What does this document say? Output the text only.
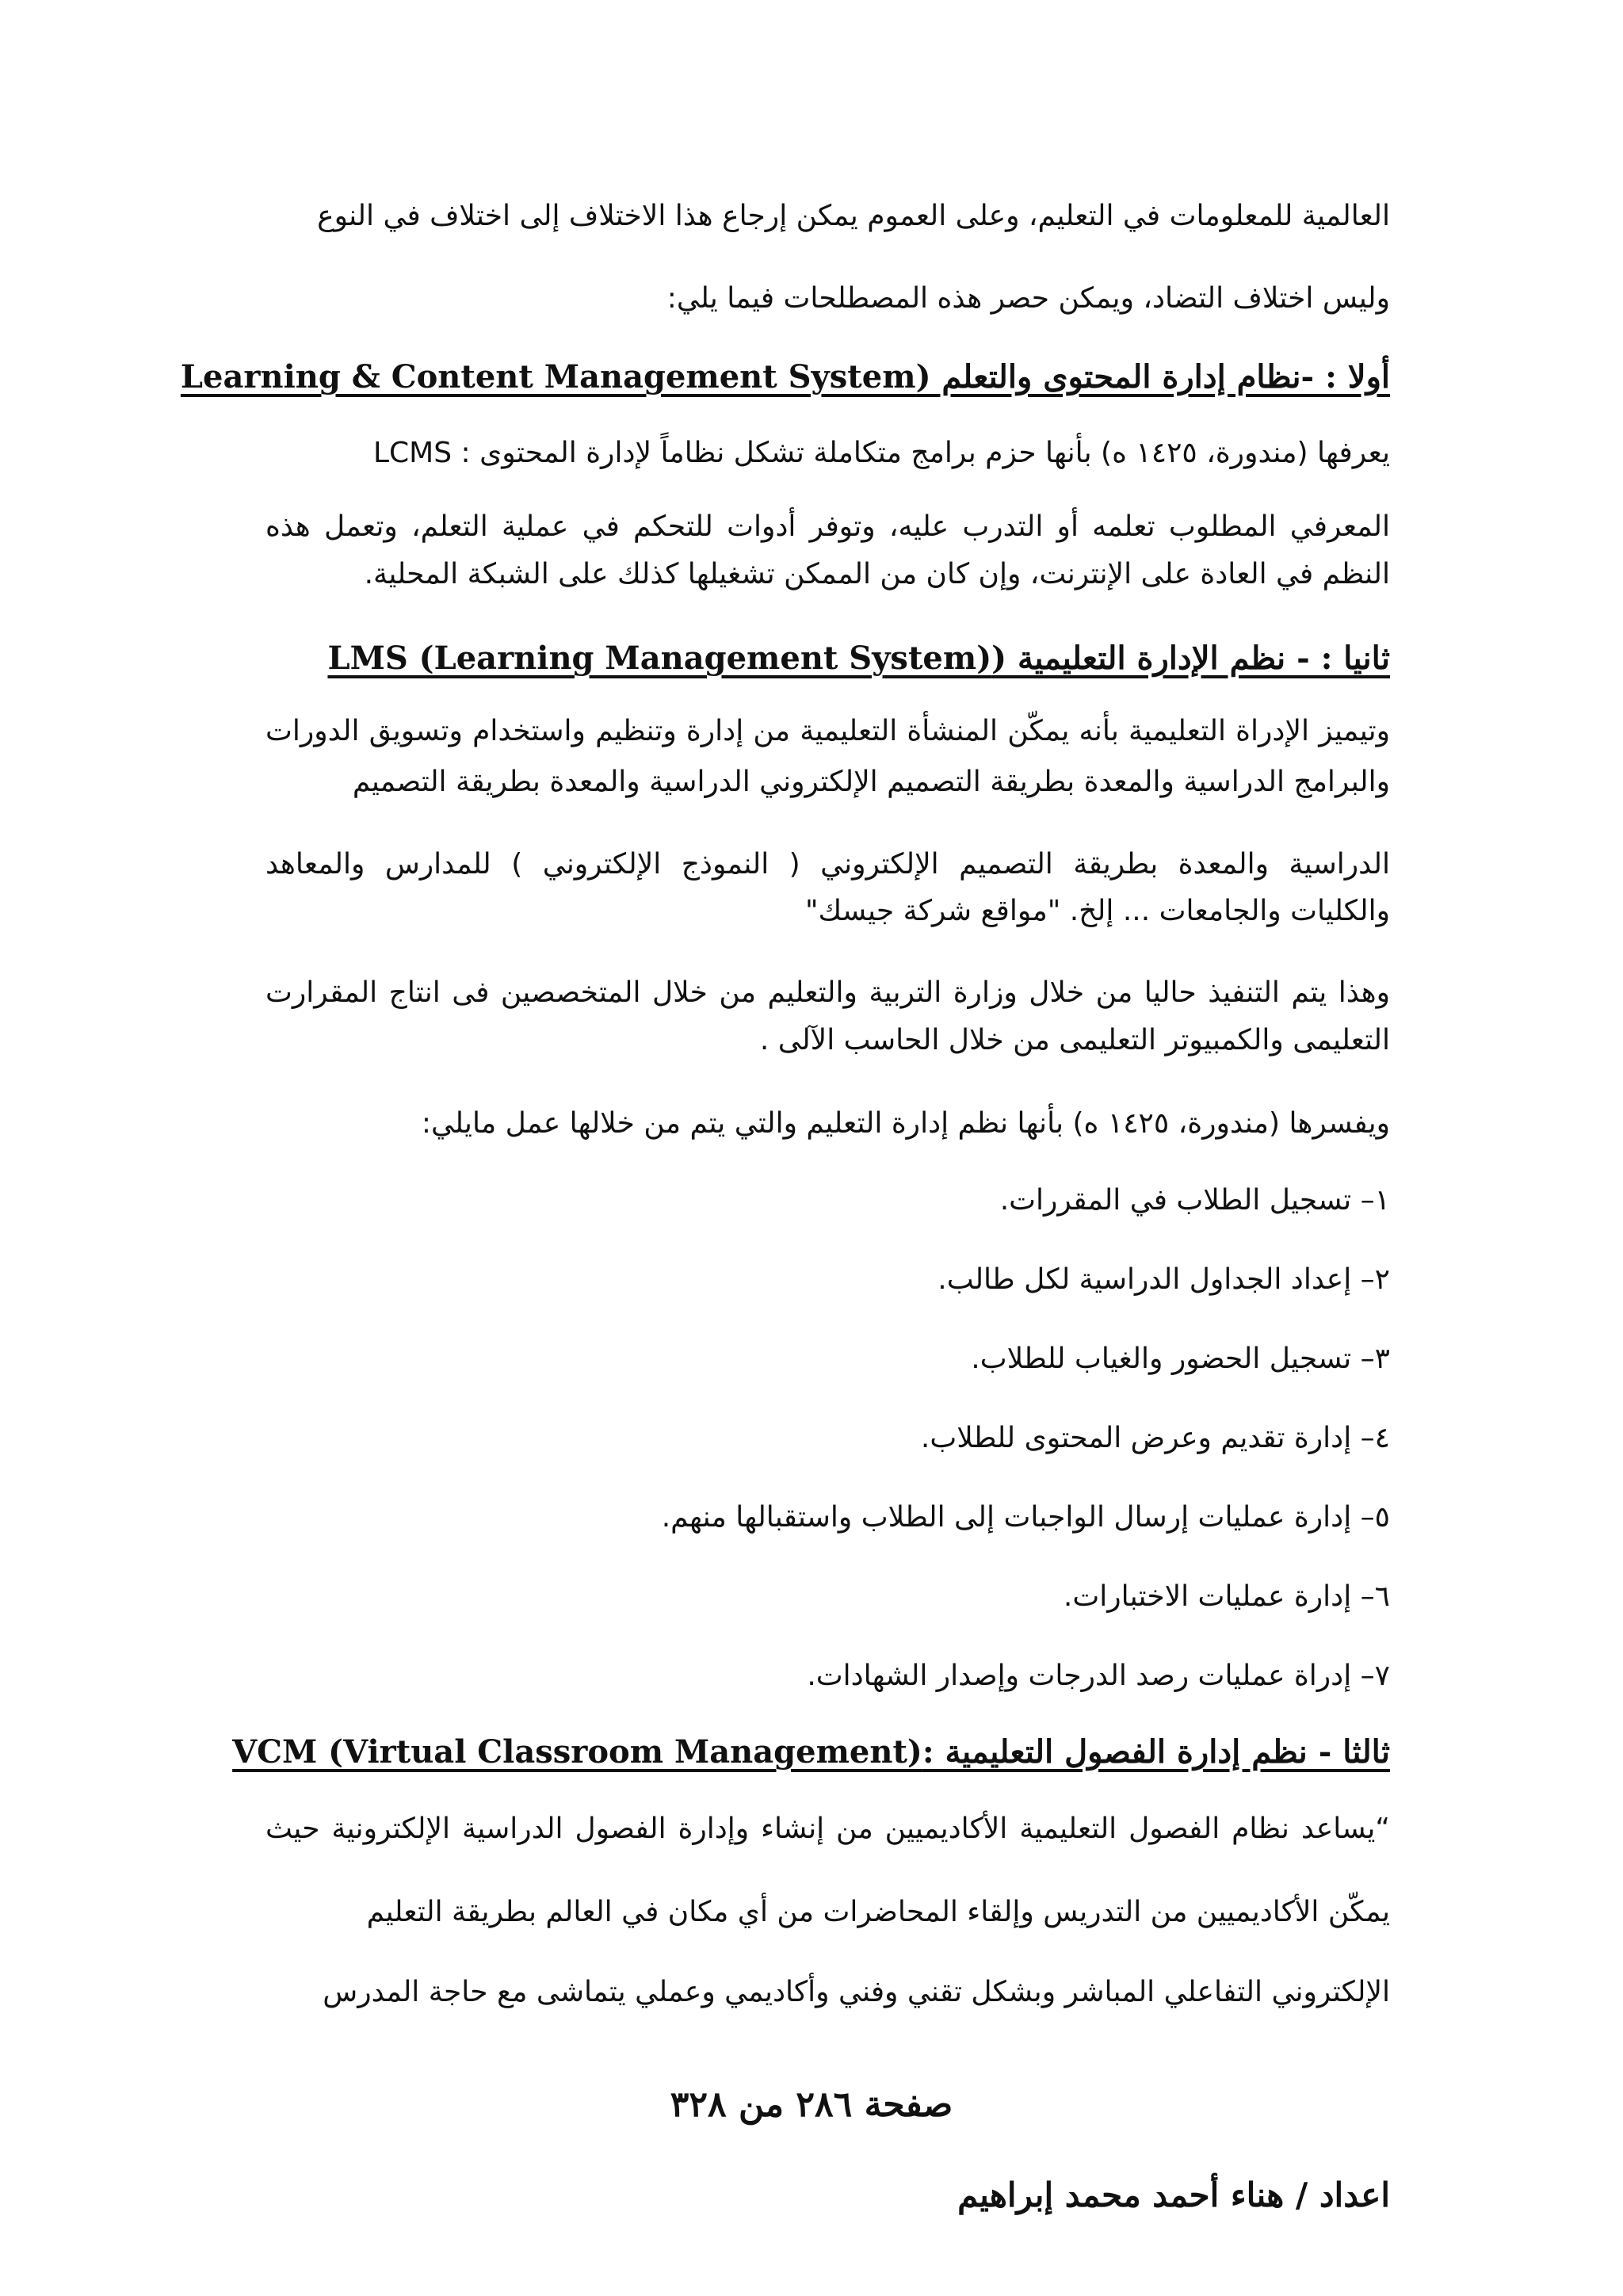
العالمية للمعلومات في التعليم، وعلى العموم يمكن إرجاع هذا الاختلاف إلى اختلاف في النوع

وليس اختلاف التضاد، ويمكن حصر هذه المصطلحات فيما يلي:

أولا : -نظام إدارة المحتوى والتعلم (Learning & Content Management System

يعرفها (مندورة، ١٤٢٥ ه) بأنها حزم برامج متكاملة تشكل نظاماً لإدارة المحتوى : LCMS

المعرفي المطلوب تعلمه أو التدرب عليه، وتوفر أدوات للتحكم في عملية التعلم، وتعمل هذه

النظم في العادة على الإنترنت، وإن كان من الممكن تشغيلها كذلك على الشبكة المحلية.

ثانيا : - نظم الإدارة التعليمية (LMS (Learning Management System)

وتيميز الإدراة التعليمية بأنه يمكّن المنشأة التعليمية من إدارة وتنظيم واستخدام وتسويق الدورات

والبرامج الدراسية والمعدة بطريقة التصميم الإلكتروني الدراسية والمعدة بطريقة التصميم

الدراسية والمعدة بطريقة التصميم الإلكتروني ( النموذج الإلكتروني ) للمدارس والمعاهد

والكليات والجامعات ... إلخ. "مواقع شركة جيسك"

وهذا يتم التنفيذ حاليا من خلال وزارة التربية والتعليم من خلال المتخصصين فى انتاج المقرارت

التعليمى والكمبيوتر التعليمى من خلال الحاسب الآلى .

ويفسرها (مندورة، ١٤٢٥ ه) بأنها نظم إدارة التعليم والتي يتم من خلالها عمل مايلي:

١– تسجيل الطلاب في المقررات.

٢– إعداد الجداول الدراسية لكل طالب.

٣– تسجيل الحضور والغياب للطلاب.

٤– إدارة تقديم وعرض المحتوى للطلاب.

٥– إدارة عمليات إرسال الواجبات إلى الطلاب واستقبالها منهم.

٦– إدارة عمليات الاختبارات.

٧– إدراة عمليات رصد الدرجات وإصدار الشهادات.

ثالثا - نظم إدارة الفصول التعليمية :VCM (Virtual Classroom Management)

“يساعد نظام الفصول التعليمية الأكاديميين من إنشاء وإدارة الفصول الدراسية الإلكترونية حيث

يمكّن الأكاديميين من التدريس وإلقاء المحاضرات من أي مكان في العالم بطريقة التعليم

الإلكتروني التفاعلي المباشر وبشكل تقني وفني وأكاديمي وعملي يتماشى مع حاجة المدرس

صفحة ٢٨٦ من ٣٢٨

اعداد / هناء أحمد محمد إبراهيم
